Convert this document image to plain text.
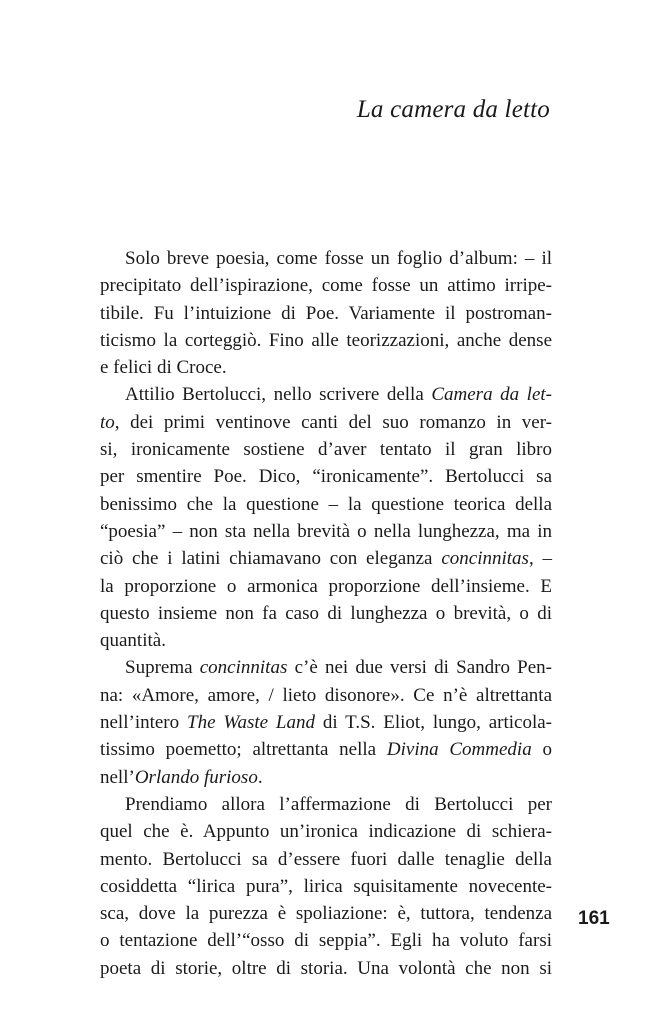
La camera da letto
Solo breve poesia, come fosse un foglio d’album: – il
precipitato dell’ispirazione, come fosse un attimo irripe-
tibile. Fu l’intuizione di Poe. Variamente il postroman-
ticismo la corteggiò. Fino alle teorizzazioni, anche dense
e felici di Croce.
Attilio Bertolucci, nello scrivere della Camera da let-
to, dei primi ventinove canti del suo romanzo in ver-
si, ironicamente sostiene d’aver tentato il gran libro
per smentire Poe. Dico, “ironicamente”. Bertolucci sa
benissimo che la questione – la questione teorica della
“poesia” – non sta nella brevità o nella lunghezza, ma in
ciò che i latini chiamavano con eleganza concinnitas, –
la proporzione o armonica proporzione dell’insieme. E
questo insieme non fa caso di lunghezza o brevità, o di
quantità.
Suprema concinnitas c’è nei due versi di Sandro Pen-
na: «Amore, amore, / lieto disonore». Ce n’è altrettanta
nell’intero The Waste Land di T.S. Eliot, lungo, articola-
tissimo poemetto; altrettanta nella Divina Commedia o
nell’Orlando furioso.
Prendiamo allora l’affermazione di Bertolucci per
quel che è. Appunto un’ironica indicazione di schiera-
mento. Bertolucci sa d’essere fuori dalle tenaglie della
cosiddetta “lirica pura”, lirica squisitamente novecente-
sca, dove la purezza è spoliazione: è, tuttora, tendenza
o tentazione dell’“osso di seppia”. Egli ha voluto farsi
poeta di storie, oltre di storia. Una volontà che non si
161
